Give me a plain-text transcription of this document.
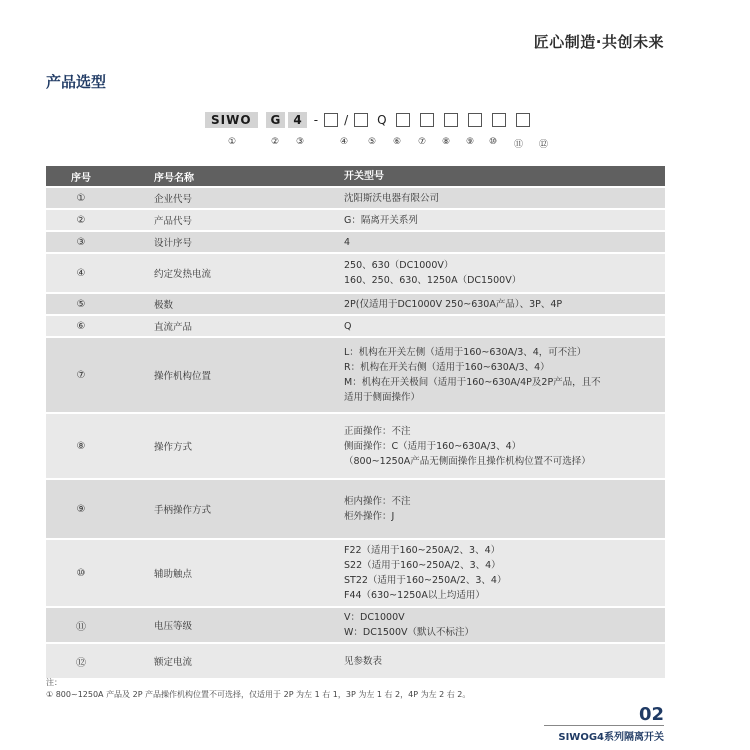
匠心制造·共创未来
产品选型
SIWO	G	4	- / Q
①	② ③	④ ⑤ ⑥ ⑦ ⑧ ⑨ ⑩ ⑪ ⑫
序号	序号名称	开关型号
①	企业代号	沈阳斯沃电器有限公司

②	产品代号	G：隔离开关系列

③	设计序号	4

④	约定发热电流	250、630（DC1000V）
160、250、630、1250A（DC1500V）

⑤	极数	2P(仅适用于DC1000V 250~630A产品）、3P、4P

⑥	直流产品	Q

⑦	操作机构位置	L：机构在开关左侧（适用于160~630A/3、4，可不注）
R：机构在开关右侧（适用于160~630A/3、4）
M：机构在开关极间（适用于160~630A/4P及2P产品，且不
适用于侧面操作）

⑧	操作方式	正面操作：不注
侧面操作：C（适用于160~630A/3、4）
（800~1250A产品无侧面操作且操作机构位置不可选择）

⑨	手柄操作方式	柜内操作：不注
柜外操作：J

⑩	辅助触点	F22（适用于160~250A/2、3、4）
S22（适用于160~250A/2、3、4）
ST22（适用于160~250A/2、3、4）
F44（630~1250A以上均适用）

⑪	电压等级	V：DC1000V
W：DC1500V（默认不标注）

⑫	额定电流	见参数表
注：
① 800~1250A 产品及 2P 产品操作机构位置不可选择，仅适用于 2P 为左 1 右 1，3P 为左 1 右 2，4P 为左 2 右 2。
02
SIWOG4系列隔离开关
